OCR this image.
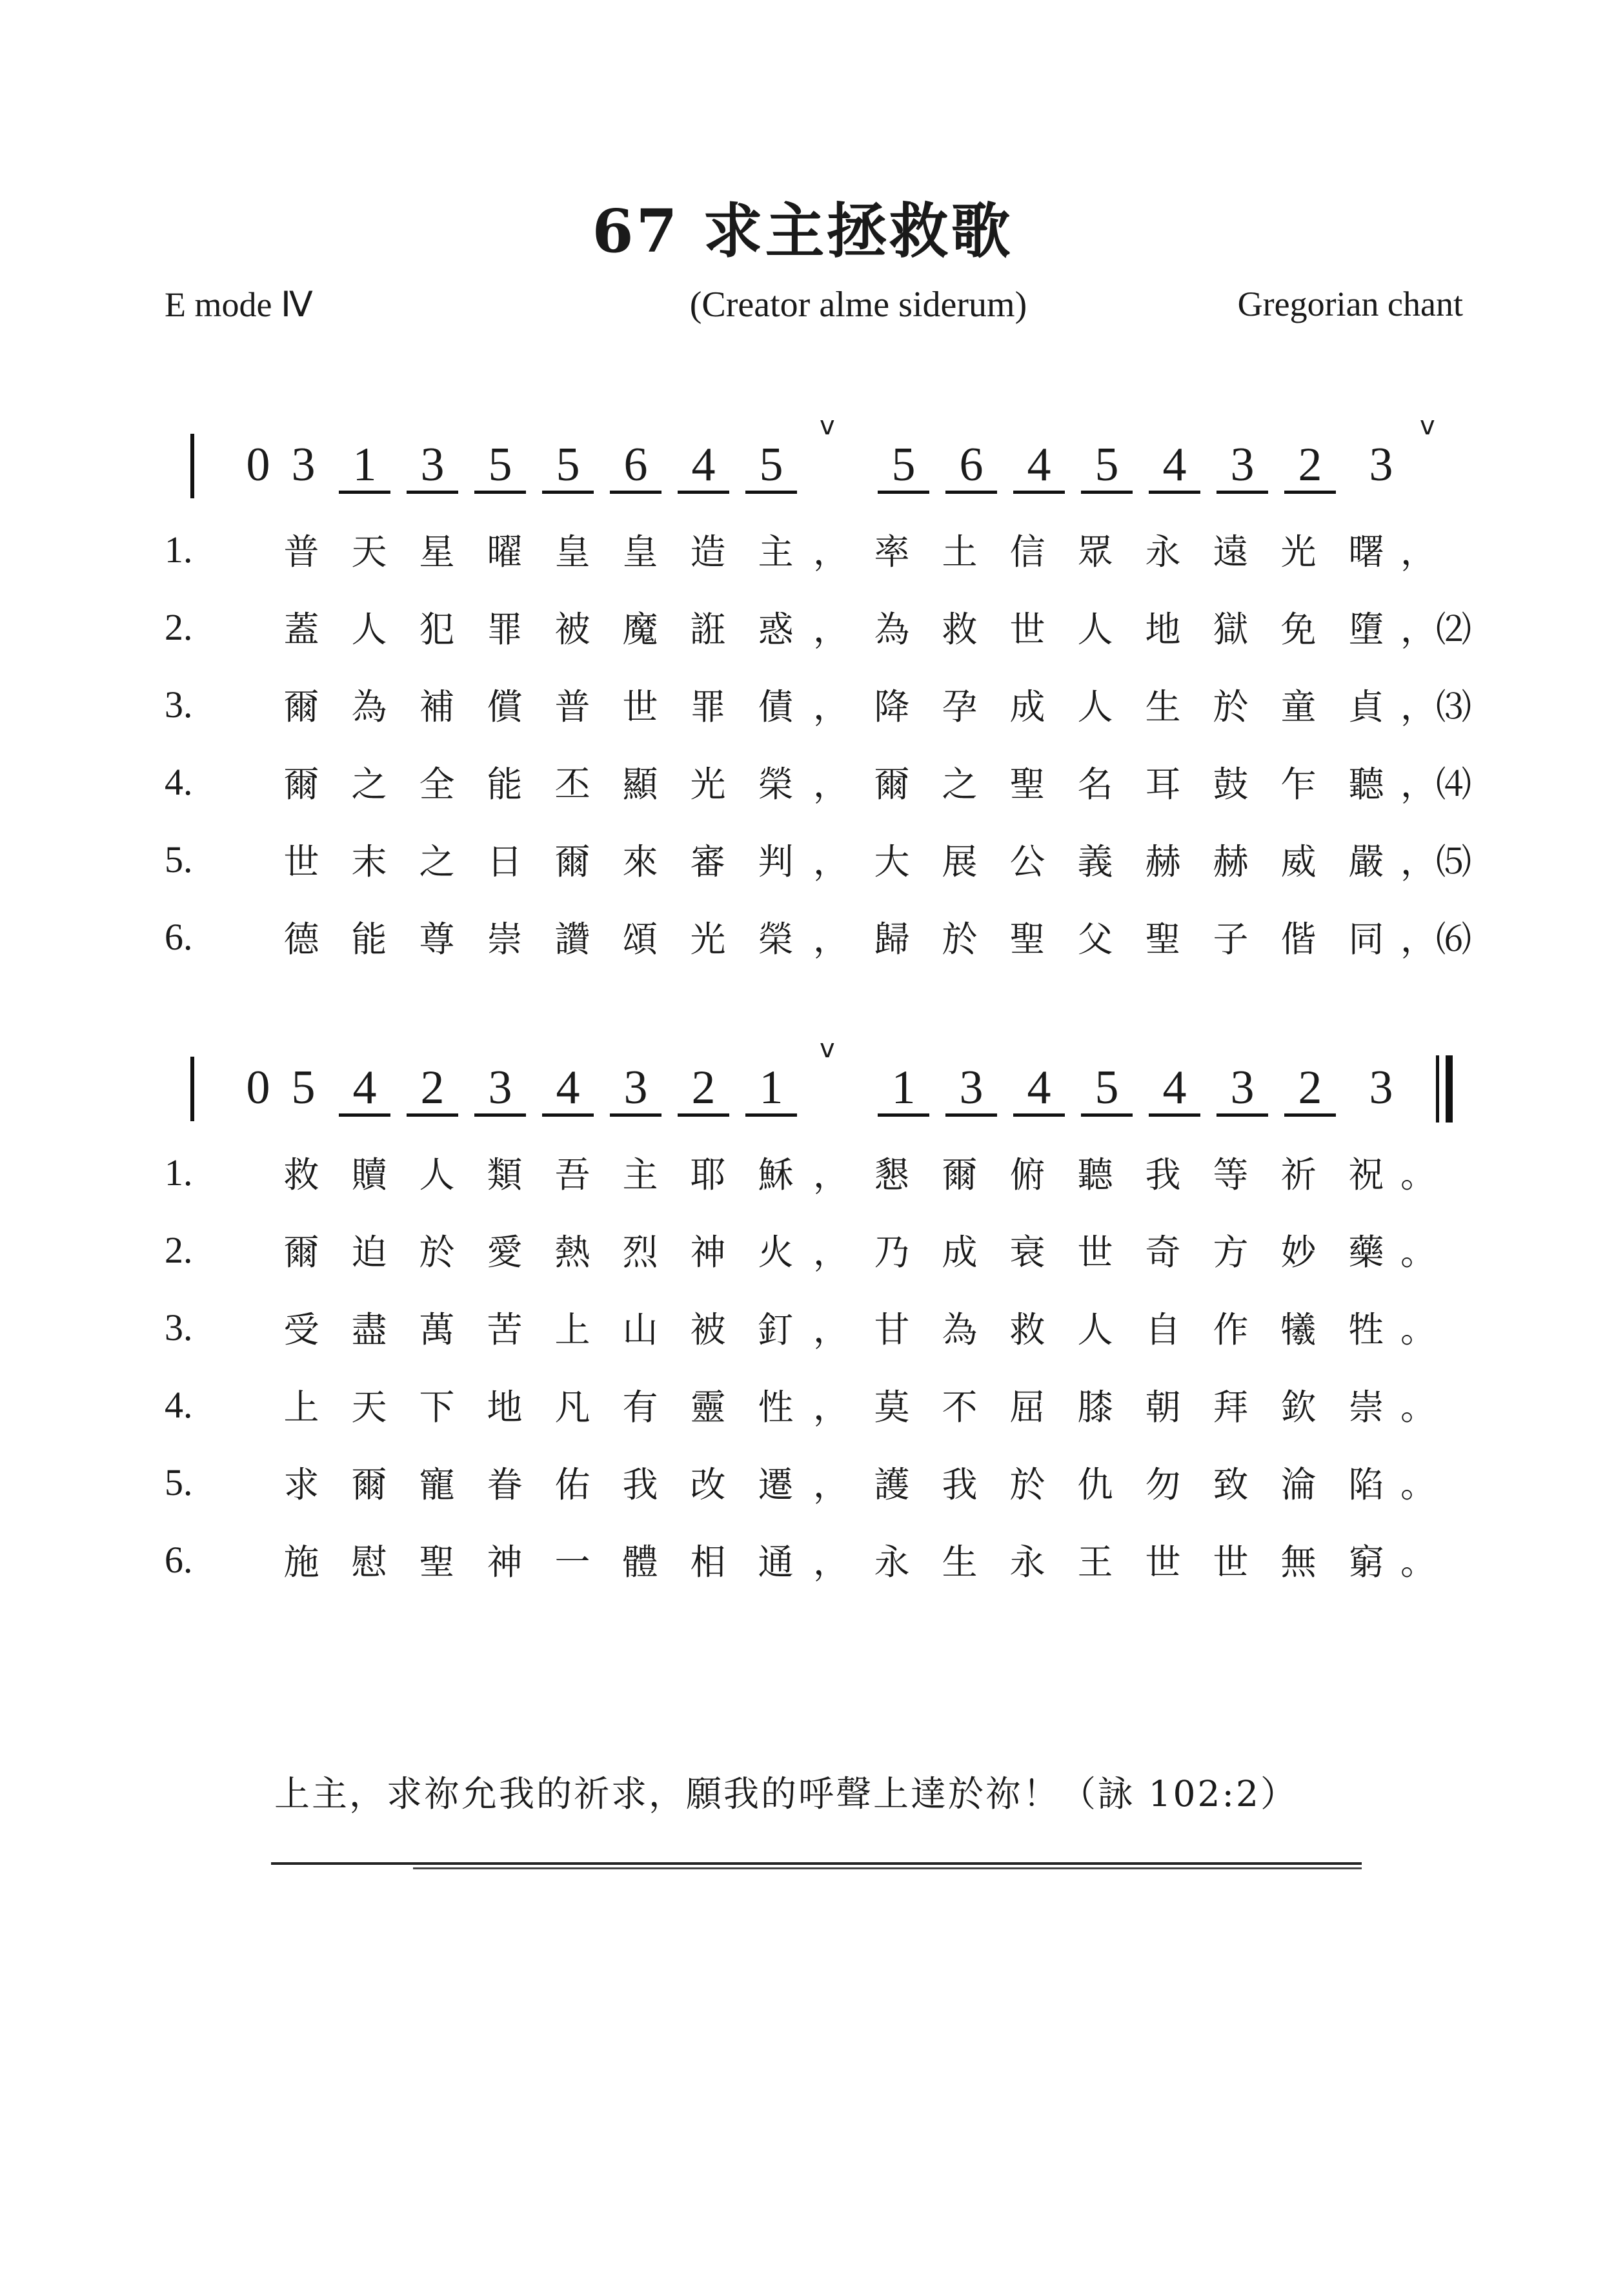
67 求主拯救歌
E mode Ⅳ	(Creator alme siderum)	Gregorian chant
0 3 1 3 5 5 6 4 5 5 6 4 5 4 3 2 3
v	v
0 5 4 2 3 4 3 2 1 1 3 4 5 4 3 2 3
v
1.	普 天 星 曜 皇 皇 造 主 ， 率 土 信 眾 永 遠 光 曙 ，
2.	蓋 人 犯 罪 被 魔 誑 惑 ， 為 救 世 人 地 獄 免 墮 ，⑵
3.	爾 為 補 償 普 世 罪 債 ， 降 孕 成 人 生 於 童 貞 ，⑶
4.	爾 之 全 能 丕 顯 光 榮 ， 爾 之 聖 名 耳 鼓 乍 聽 ，⑷
5.	世 末 之 日 爾 來 審 判 ， 大 展 公 義 赫 赫 威 嚴 ，⑸
6.	德 能 尊 崇 讚 頌 光 榮 ， 歸 於 聖 父 聖 子 偕 同 ，⑹
1.	救 贖 人 類 吾 主 耶 穌 ， 懇 爾 俯 聽 我 等 祈 祝 。
2.	爾 迫 於 愛 熱 烈 神 火 ， 乃 成 衰 世 奇 方 妙 藥 。
3.	受 盡 萬 苦 上 山 被 釘 ， 甘 為 救 人 自 作 犧 牲 。
4.	上 天 下 地 凡 有 靈 性 ， 莫 不 屈 膝 朝 拜 欽 崇 。
5.	求 爾 寵 眷 佑 我 改 遷 ， 護 我 於 仇 勿 致 淪 陷 。
6.	施 慰 聖 神 一 體 相 通 ， 永 生 永 王 世 世 無 窮 。
上主，求祢允我的祈求，願我的呼聲上達於祢！（詠 102:2）
